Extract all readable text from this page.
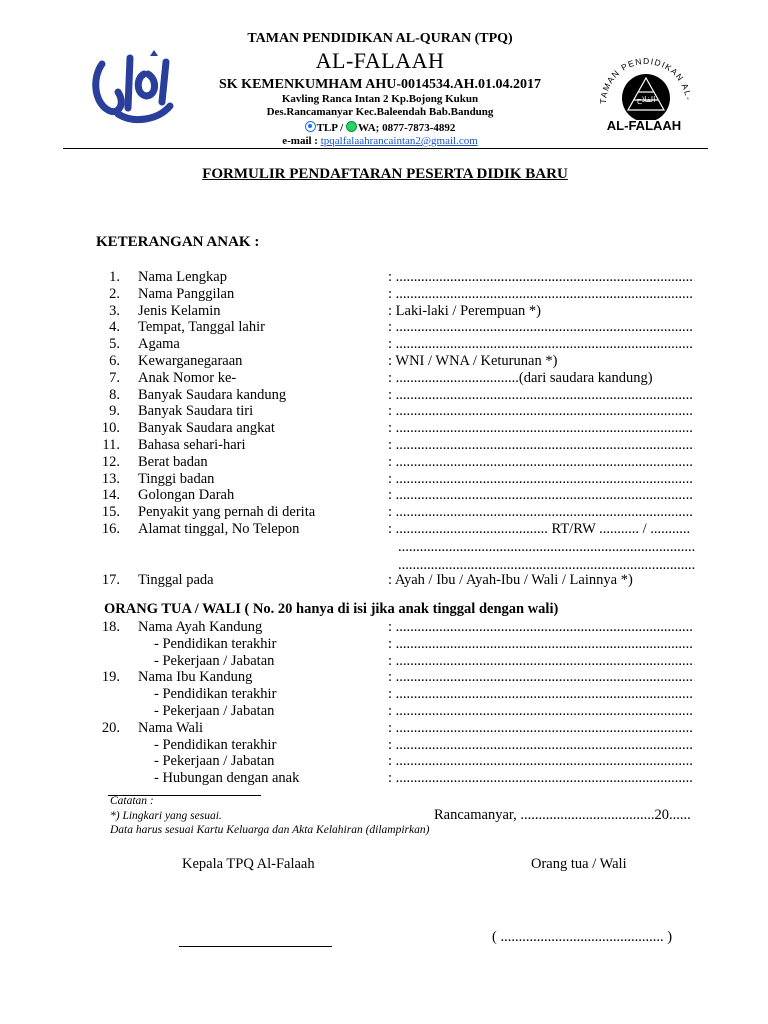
TAMAN PENDIDIKAN AL-QURAN (TPQ)
AL-FALAAH
SK KEMENKUMHAM AHU-0014534.AH.01.04.2017
Kavling Ranca Intan 2 Kp.Bojong Kukun
Des.Rancamanyar Kec.Baleendah Bab.Bandung
TLP / WA; 0877-7873-4892
e-mail : tpqalfalaahrancaintan2@gmail.com
TAMAN PENDIDIKAN AL-
الفلاح
AL-FALAAH
FORMULIR PENDAFTARAN PESERTA DIDIK BARU
KETERANGAN ANAK :
1. Nama Lengkap	: ..................................................................................
2. Nama Panggilan	: ..................................................................................
3. Jenis Kelamin	: Laki-laki / Perempuan *)
4. Tempat, Tanggal lahir	: ..................................................................................
5. Agama	: ..................................................................................
6. Kewarganegaraan	: WNI / WNA / Keturunan *)
7. Anak Nomor ke-	: ..................................(dari saudara kandung)
8. Banyak Saudara kandung	: ..................................................................................
9. Banyak Saudara tiri	: ..................................................................................
10. Banyak Saudara angkat	: ..................................................................................
11. Bahasa sehari-hari	: ..................................................................................
12. Berat badan	: ..................................................................................
13. Tinggi badan	: ..................................................................................
14. Golongan Darah	: ..................................................................................
15. Penyakit yang pernah di derita	: ..................................................................................
16. Alamat tinggal, No Telepon	: .......................................... RT/RW ........... / ...........
..................................................................................
..................................................................................
17. Tinggal pada	: Ayah / Ibu / Ayah-Ibu / Wali / Lainnya *)
ORANG TUA / WALI ( No. 20 hanya di isi jika anak tinggal dengan wali)
18. Nama Ayah Kandung	: ..................................................................................
- Pendidikan terakhir	: ..................................................................................
- Pekerjaan / Jabatan	: ..................................................................................
19. Nama Ibu Kandung	: ..................................................................................
- Pendidikan terakhir	: ..................................................................................
- Pekerjaan / Jabatan	: ..................................................................................
20. Nama Wali	: ..................................................................................
- Pendidikan terakhir	: ..................................................................................
- Pekerjaan / Jabatan	: ..................................................................................
- Hubungan dengan anak	: ..................................................................................
Catatan :
*) Lingkari yang sesuai.
Data harus sesuai Kartu Keluarga dan Akta Kelahiran (dilampirkan)
Rancamanyar, .....................................20......
Kepala TPQ Al-Falaah	Orang tua / Wali
( ............................................. )
